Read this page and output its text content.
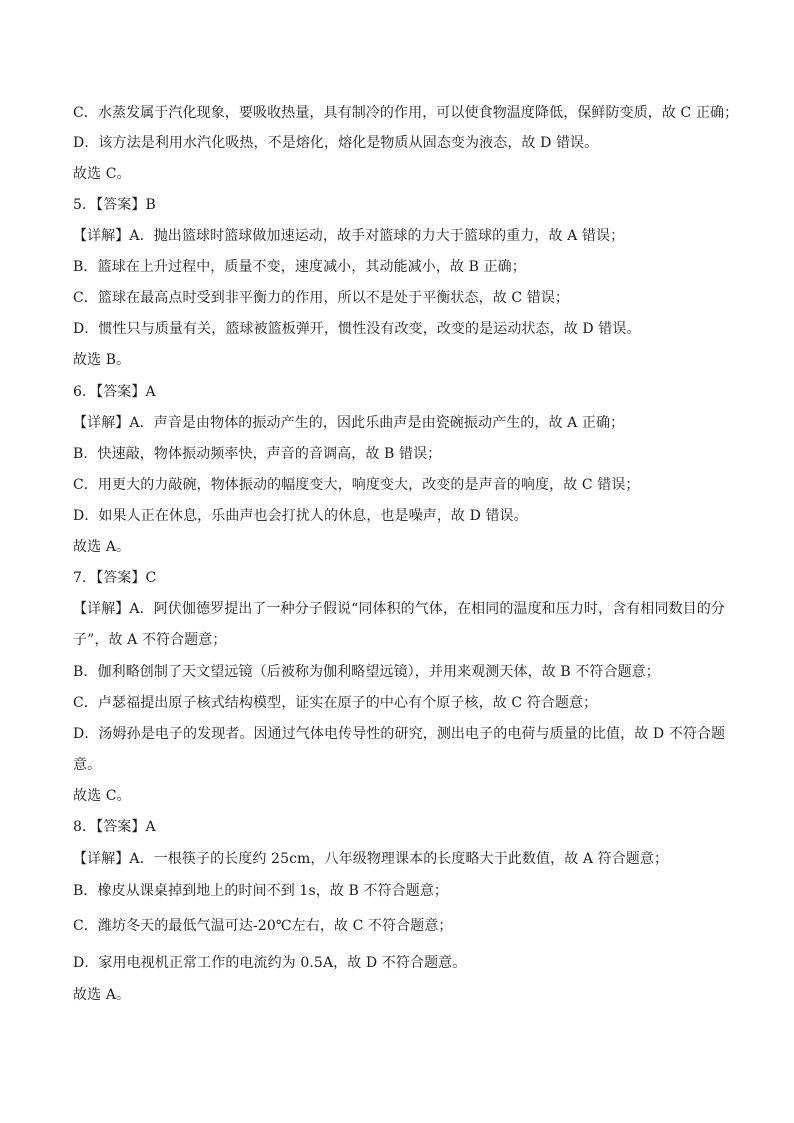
C．水蒸发属于汽化现象，要吸收热量，具有制冷的作用，可以使食物温度降低，保鲜防变质，故 C 正确；
D．该方法是利用水汽化吸热，不是熔化，熔化是物质从固态变为液态，故 D 错误。
故选 C。
5．【答案】B
【详解】A．抛出篮球时篮球做加速运动，故手对篮球的力大于篮球的重力，故 A 错误；
B．篮球在上升过程中，质量不变，速度减小，其动能减小，故 B 正确；
C．篮球在最高点时受到非平衡力的作用，所以不是处于平衡状态，故 C 错误；
D．惯性只与质量有关，篮球被篮板弹开，惯性没有改变，改变的是运动状态，故 D 错误。
故选 B。
6．【答案】A
【详解】A．声音是由物体的振动产生的，因此乐曲声是由瓷碗振动产生的，故 A 正确；
B．快速敲，物体振动频率快，声音的音调高，故 B 错误；
C．用更大的力敲碗，物体振动的幅度变大，响度变大，改变的是声音的响度，故 C 错误；
D．如果人正在休息，乐曲声也会打扰人的休息，也是噪声，故 D 错误。
故选 A。
7．【答案】C
【详解】A．阿伏伽德罗提出了一种分子假说“同体积的气体，在相同的温度和压力时，含有相同数目的分
子”，故 A 不符合题意；
B．伽利略创制了天文望远镜（后被称为伽利略望远镜），并用来观测天体，故 B 不符合题意；
C．卢瑟福提出原子核式结构模型，证实在原子的中心有个原子核，故 C 符合题意；
D．汤姆孙是电子的发现者。因通过气体电传导性的研究，测出电子的电荷与质量的比值，故 D 不符合题
意。
故选 C。
8．【答案】A
【详解】A．一根筷子的长度约 25cm，八年级物理课本的长度略大于此数值，故 A 符合题意；
B．橡皮从课桌掉到地上的时间不到 1s，故 B 不符合题意；
C．潍坊冬天的最低气温可达-20℃左右，故 C 不符合题意；
D．家用电视机正常工作的电流约为 0.5A，故 D 不符合题意。
故选 A。
